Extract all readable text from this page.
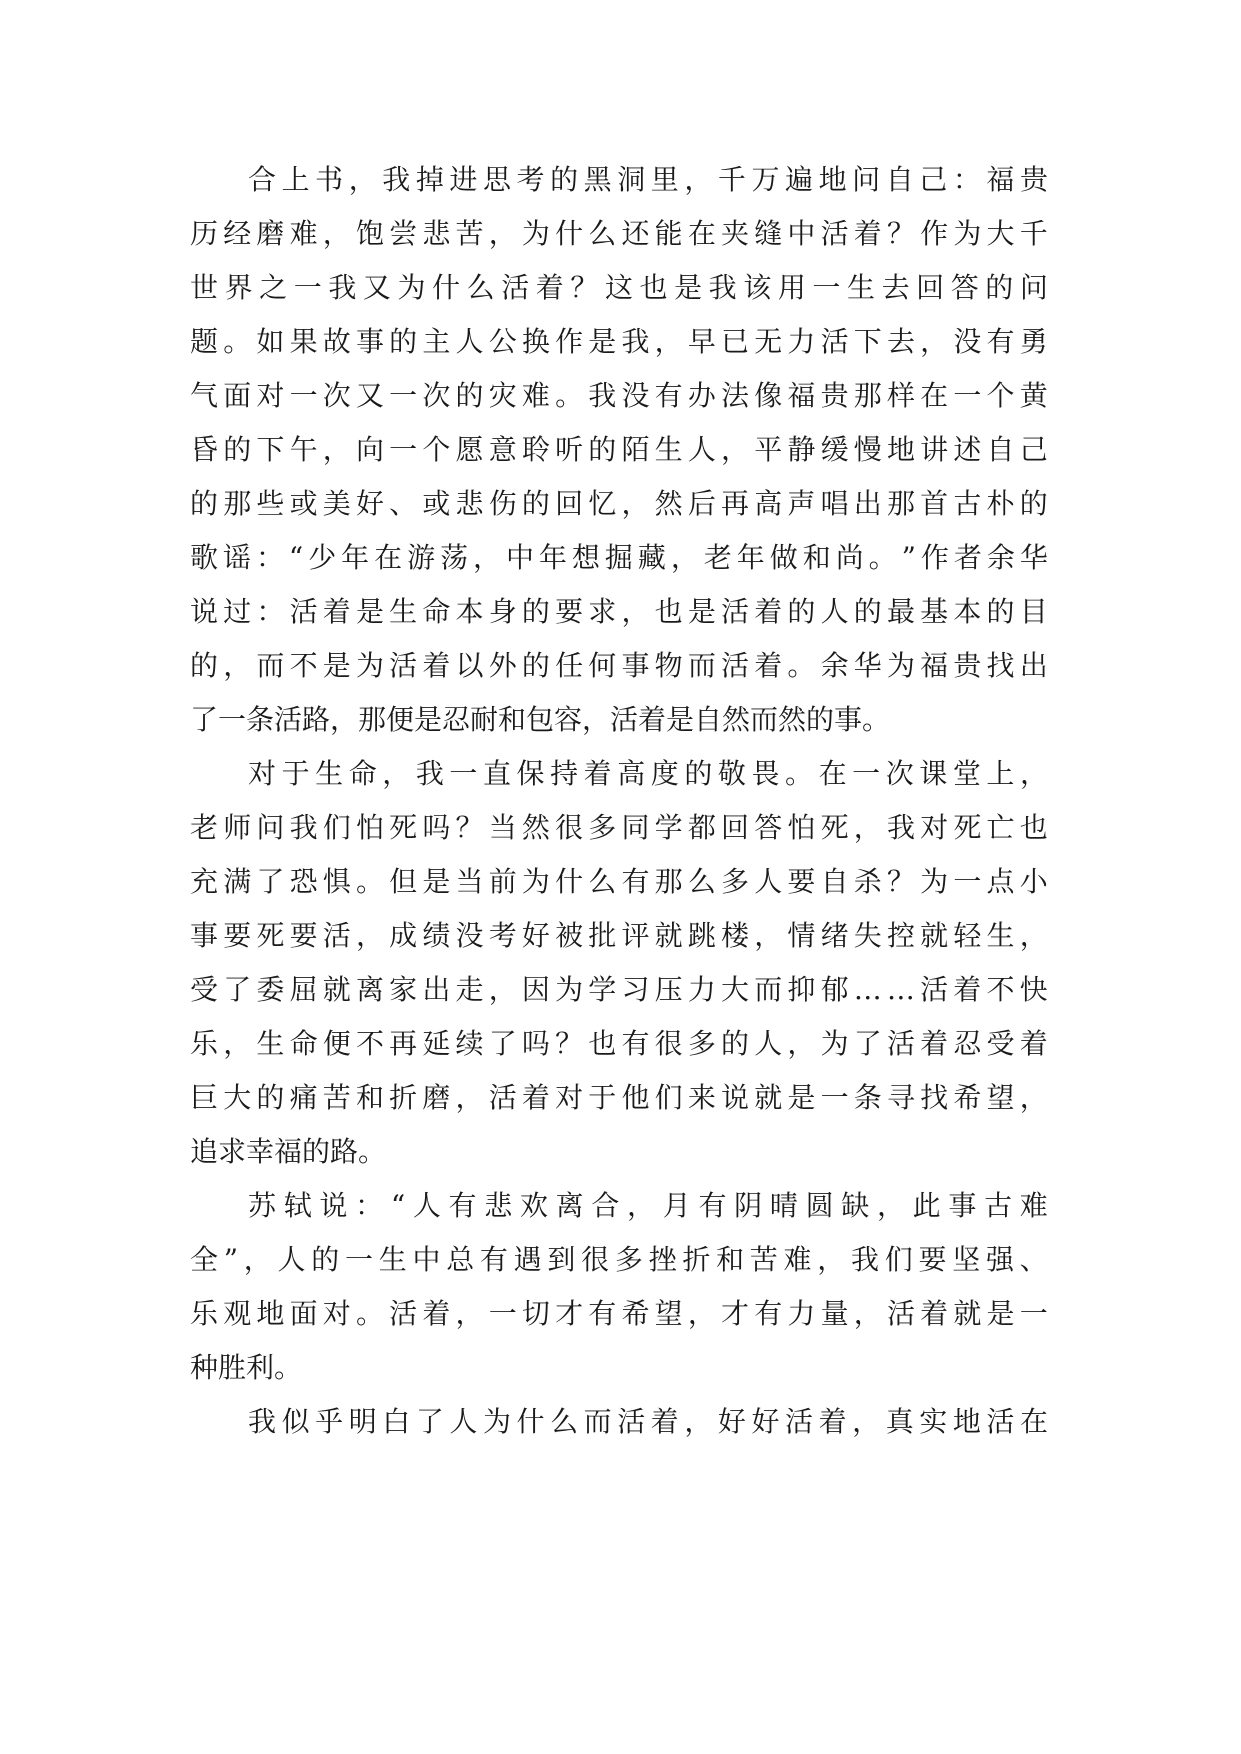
合 上 书 ， 我 掉 进 思 考 的 黑 洞 里 ， 千 万 遍 地 问 自 己 ： 福 贵
历 经 磨 难 ， 饱 尝 悲 苦 ， 为 什 么 还 能 在 夹 缝 中 活 着 ？ 作 为 大 千
世 界 之 一 我 又 为 什 么 活 着 ？ 这 也 是 我 该 用 一 生 去 回 答 的 问
题 。 如 果 故 事 的 主 人 公 换 作 是 我 ， 早 已 无 力 活 下 去 ， 没 有 勇
气 面 对 一 次 又 一 次 的 灾 难 。 我 没 有 办 法 像 福 贵 那 样 在 一 个 黄
昏 的 下 午 ， 向 一 个 愿 意 聆 听 的 陌 生 人 ， 平 静 缓 慢 地 讲 述 自 己
的 那 些 或 美 好 、 或 悲 伤 的 回 忆 ， 然 后 再 高 声 唱 出 那 首 古 朴 的
歌 谣 ： “ 少 年 在 游 荡 ， 中 年 想 掘 藏 ， 老 年 做 和 尚 。 ” 作 者 余 华
说 过 ： 活 着 是 生 命 本 身 的 要 求 ， 也 是 活 着 的 人 的 最 基 本 的 目
的 ， 而 不 是 为 活 着 以 外 的 任 何 事 物 而 活 着 。 余 华 为 福 贵 找 出
了一条活路，那便是忍耐和包容，活着是自然而然的事。
对 于 生 命 ， 我 一 直 保 持 着 高 度 的 敬 畏 。 在 一 次 课 堂 上 ，
老 师 问 我 们 怕 死 吗 ？ 当 然 很 多 同 学 都 回 答 怕 死 ， 我 对 死 亡 也
充 满 了 恐 惧 。 但 是 当 前 为 什 么 有 那 么 多 人 要 自 杀 ？ 为 一 点 小
事 要 死 要 活 ， 成 绩 没 考 好 被 批 评 就 跳 楼 ， 情 绪 失 控 就 轻 生 ，
受 了 委 屈 就 离 家 出 走 ， 因 为 学 习 压 力 大 而 抑 郁 … … 活 着 不 快
乐 ， 生 命 便 不 再 延 续 了 吗 ？ 也 有 很 多 的 人 ， 为 了 活 着 忍 受 着
巨 大 的 痛 苦 和 折 磨 ， 活 着 对 于 他 们 来 说 就 是 一 条 寻 找 希 望 ，
追求幸福的路。
苏 轼 说 ： “ 人 有 悲 欢 离 合 ， 月 有 阴 晴 圆 缺 ， 此 事 古 难
全 ” ， 人 的 一 生 中 总 有 遇 到 很 多 挫 折 和 苦 难 ， 我 们 要 坚 强 、
乐 观 地 面 对 。 活 着 ， 一 切 才 有 希 望 ， 才 有 力 量 ， 活 着 就 是 一
种胜利。
我 似 乎 明 白 了 人 为 什 么 而 活 着 ， 好 好 活 着 ， 真 实 地 活 在
